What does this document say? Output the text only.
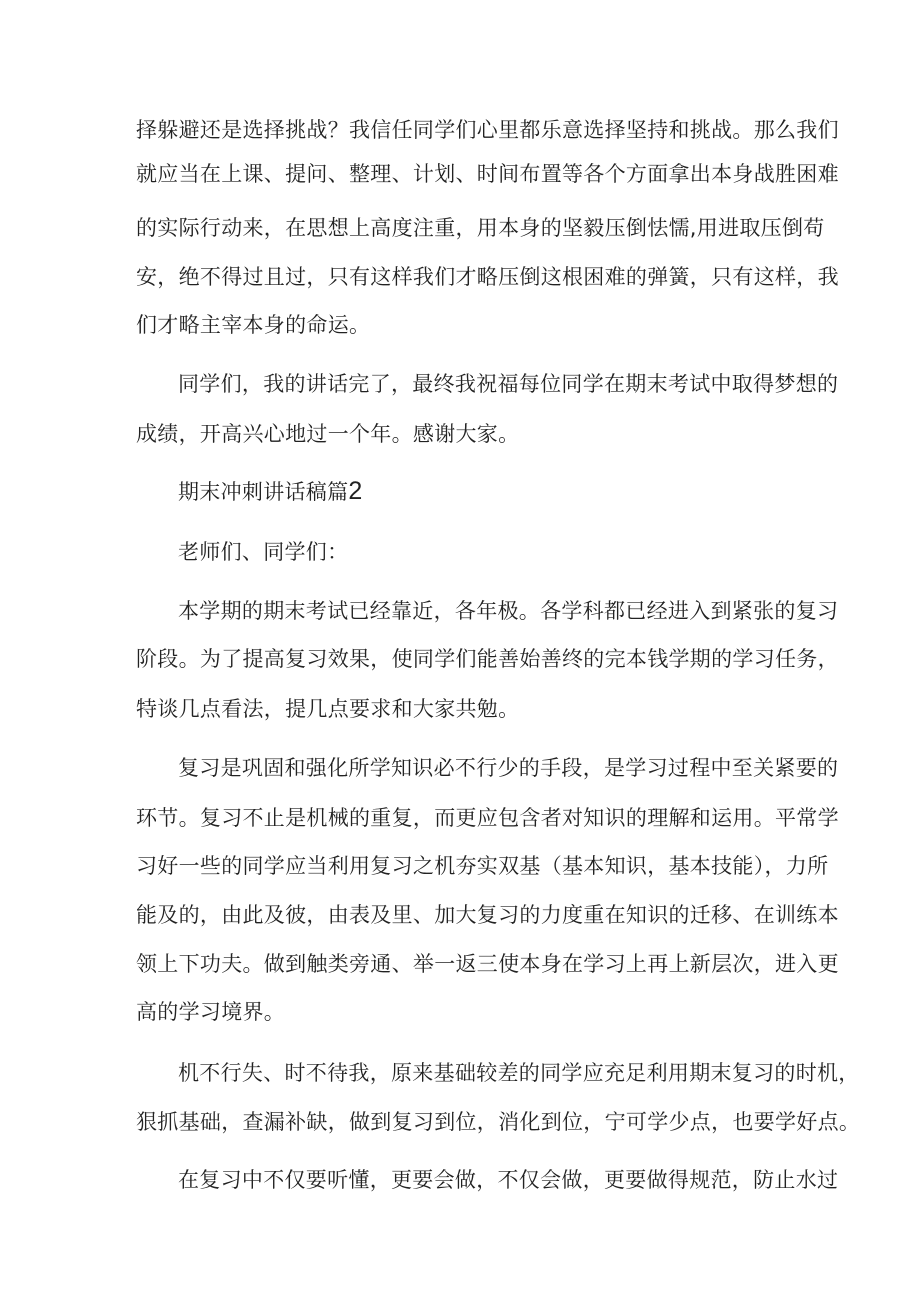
择躲避还是选择挑战？我信任同学们心里都乐意选择坚持和挑战。那么我们
就应当在上课、提问、整理、计划、时间布置等各个方面拿出本身战胜困难
的实际行动来，在思想上高度注重，用本身的坚毅压倒怯懦,用进取压倒苟
安，绝不得过且过，只有这样我们才略压倒这根困难的弹簧，只有这样，我
们才略主宰本身的命运。
同学们，我的讲话完了，最终我祝福每位同学在期末考试中取得梦想的
成绩，开高兴心地过一个年。感谢大家。
期末冲刺讲话稿篇2
老师们、同学们：
本学期的期末考试已经靠近，各年极。各学科都已经进入到紧张的复习
阶段。为了提高复习效果，使同学们能善始善终的完本钱学期的学习任务，
特谈几点看法，提几点要求和大家共勉。
复习是巩固和强化所学知识必不行少的手段，是学习过程中至关紧要的
环节。复习不止是机械的重复，而更应包含者对知识的理解和运用。平常学
习好一些的同学应当利用复习之机夯实双基（基本知识，基本技能），力所
能及的，由此及彼，由表及里、加大复习的力度重在知识的迁移、在训练本
领上下功夫。做到触类旁通、举一返三使本身在学习上再上新层次，进入更
高的学习境界。
机不行失、时不待我，原来基础较差的同学应充足利用期末复习的时机，
狠抓基础，查漏补缺，做到复习到位，消化到位，宁可学少点，也要学好点。
在复习中不仅要听懂，更要会做，不仅会做，更要做得规范，防止水过
